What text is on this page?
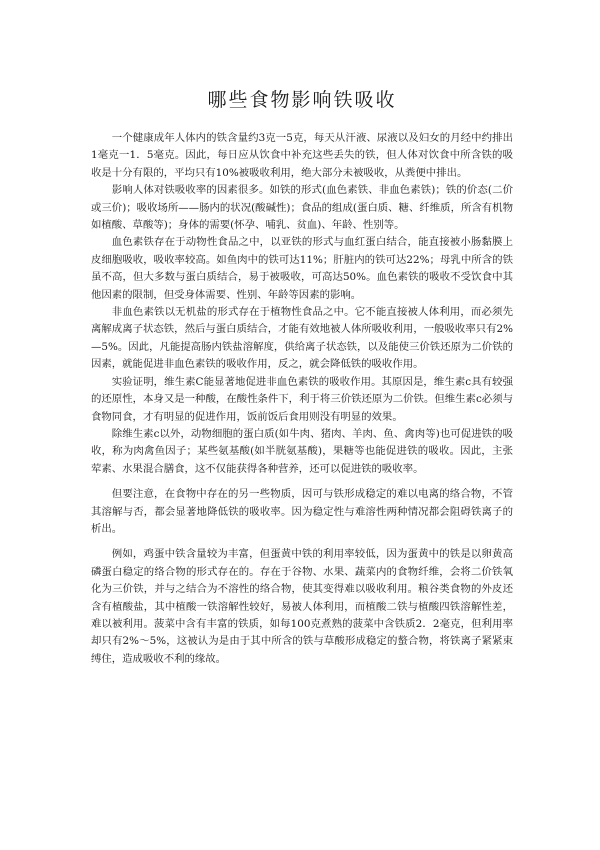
哪些食物影响铁吸收

一个健康成年人体内的铁含量约3克一5克，每天从汗液、尿液以及妇女的月经中约排出1毫克一1．5毫克。因此，每日应从饮食中补充这些丢失的铁，但人体对饮食中所含铁的吸收是十分有限的，平均只有10%被吸收利用，绝大部分未被吸收，从粪便中排出。

影响人体对铁吸收率的因素很多。如铁的形式(血色素铁、非血色素铁)；铁的价态(二价或三价)；吸收场所——肠内的状况(酸碱性)；食品的组成(蛋白质、糖、纤维质，所含有机物如植酸、草酸等)；身体的需要(怀孕、哺乳、贫血)、年龄、性别等。

血色素铁存在于动物性食品之中，以亚铁的形式与血红蛋白结合，能直接被小肠黏膜上皮细胞吸收，吸收率较高。如鱼肉中的铁可达11%；肝脏内的铁可达22%；母乳中所含的铁虽不高，但大多数与蛋白质结合，易于被吸收，可高达50%。血色素铁的吸收不受饮食中其他因素的限制，但受身体需要、性别、年龄等因素的影响。

非血色素铁以无机盐的形式存在于植物性食品之中。它不能直接被人体利用，而必须先离解成离子状态铁，然后与蛋白质结合，才能有效地被人体所吸收利用，一般吸收率只有2%—5%。因此，凡能提高肠内铁盐溶解度，供给离子状态铁，以及能使三价铁还原为二价铁的因素，就能促进非血色素铁的吸收作用，反之，就会降低铁的吸收作用。

实验证明，维生素C能显著地促进非血色素铁的吸收作用。其原因是，维生素c具有较强的还原性，本身又是一种酸，在酸性条件下，利于将三价铁还原为二价铁。但维生素c必须与食物同食，才有明显的促进作用，饭前饭后食用则没有明显的效果。

除维生素c以外，动物细胞的蛋白质(如牛肉、猪肉、羊肉、鱼、禽肉等)也可促进铁的吸收，称为肉禽鱼因子；某些氨基酸(如半胱氨基酸)，果糖等也能促进铁的吸收。因此，主张荤素、水果混合膳食，这不仅能获得各种营养，还可以促进铁的吸收率。

但要注意，在食物中存在的另一些物质，因可与铁形成稳定的难以电离的络合物，不管其溶解与否，都会显著地降低铁的吸收率。因为稳定性与难溶性两种情况都会阻碍铁离子的析出。

例如，鸡蛋中铁含量较为丰富，但蛋黄中铁的利用率较低，因为蛋黄中的铁是以卵黄高磷蛋白稳定的络合物的形式存在的。存在于谷物、水果、蔬菜内的食物纤维，会将二价铁氧化为三价铁，并与之结合为不溶性的络合物，使其变得难以吸收利用。粮谷类食物的外皮还含有植酸盐，其中植酸一铁溶解性较好，易被人体利用，而植酸二铁与植酸四铁溶解性差，难以被利用。菠菜中含有丰富的铁质，如每100克煮熟的菠菜中含铁质2．2毫克，但利用率却只有2%～5%，这被认为是由于其中所含的铁与草酸形成稳定的螯合物，将铁离子紧紧束缚住，造成吸收不利的缘故。
